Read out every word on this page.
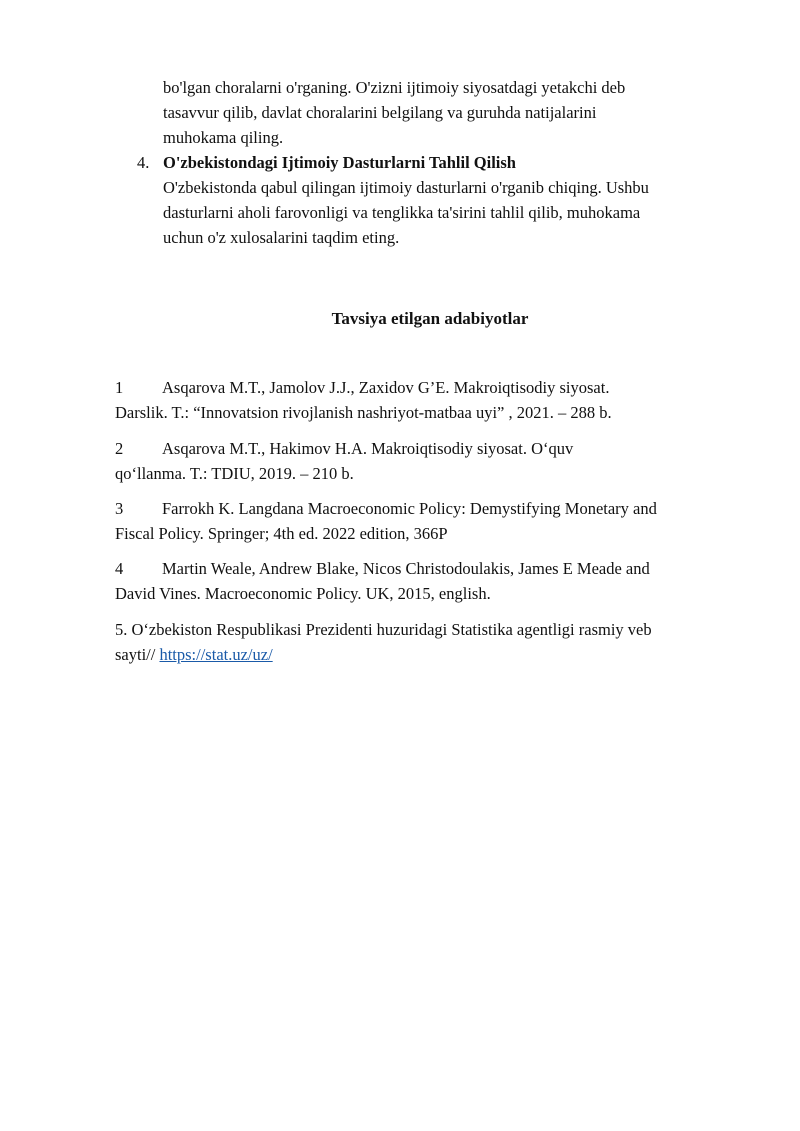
bo'lgan choralarni o'rganing. O'zizni ijtimoiy siyosatdagi yetakchi deb

tasavvur qilib, davlat choralarini belgilang va guruhda natijalarini

muhokama qiling.

4. O'zbekistondagi Ijtimoiy Dasturlarni Tahlil Qilish
O'zbekistonda qabul qilingan ijtimoiy dasturlarni o'rganib chiqing. Ushbu
dasturlarni aholi farovonligi va tenglikka ta'sirini tahlil qilib, muhokama
uchun o'z xulosalarini taqdim eting.
Tavsiya etilgan adabiyotlar
1 Asqarova M.T., Jamolov J.J., Zaxidov G’E. Makroiqtisodiy siyosat.
Darslik. T.: “Innovatsion rivojlanish nashriyot-matbaa uyi” , 2021. – 288 b.
2 Asqarova M.T., Hakimov H.A. Makroiqtisodiy siyosat. O‘quv
qo‘llanma. T.: TDIU, 2019. – 210 b.
3 Farrokh K. Langdana Macroeconomic Policy: Demystifying Monetary and
Fiscal Policy. Springer; 4th ed. 2022 edition, 366P
4 Martin Weale, Andrew Blake, Nicos Christodoulakis, James E Meade and
David Vines. Macroeconomic Policy. UK, 2015, english.
5. O‘zbekiston Respublikasi Prezidenti huzuridagi Statistika agentligi rasmiy veb
sayti// https://stat.uz/uz/
